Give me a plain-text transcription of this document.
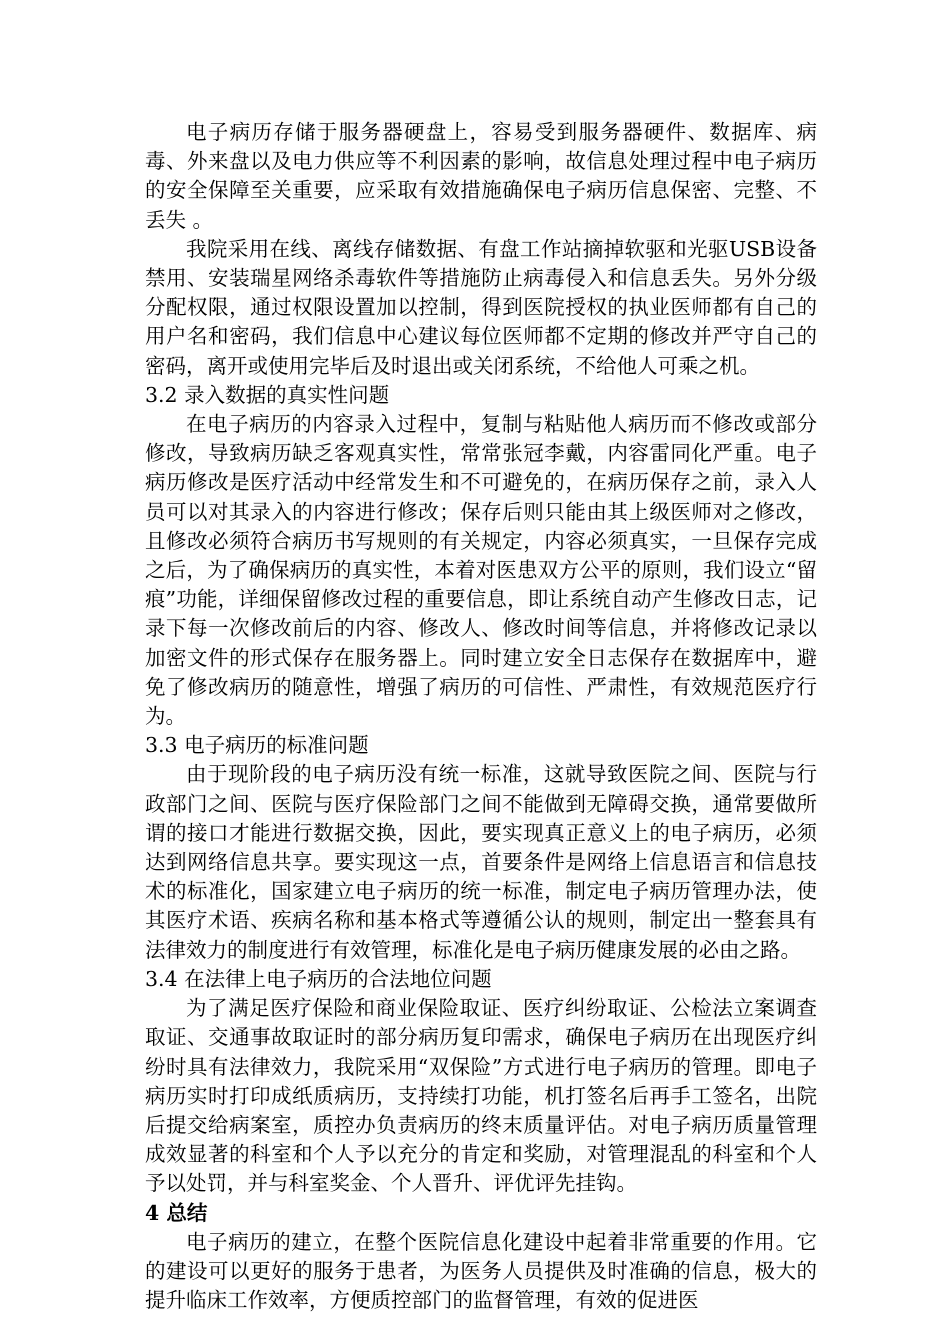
电子病历存储于服务器硬盘上，容易受到服务器硬件、数据库、病毒、外来盘以及电力供应等不利因素的影响，故信息处理过程中电子病历的安全保障至关重要，应采取有效措施确保电子病历信息保密、完整、不丢失 。

我院采用在线、离线存储数据、有盘工作站摘掉软驱和光驱USB设备禁用、安装瑞星网络杀毒软件等措施防止病毒侵入和信息丢失。另外分级分配权限，通过权限设置加以控制，得到医院授权的执业医师都有自己的用户名和密码，我们信息中心建议每位医师都不定期的修改并严守自己的密码，离开或使用完毕后及时退出或关闭系统，不给他人可乘之机。

3.2 录入数据的真实性问题

在电子病历的内容录入过程中，复制与粘贴他人病历而不修改或部分修改，导致病历缺乏客观真实性，常常张冠李戴，内容雷同化严重。电子病历修改是医疗活动中经常发生和不可避免的，在病历保存之前，录入人员可以对其录入的内容进行修改；保存后则只能由其上级医师对之修改，且修改必须符合病历书写规则的有关规定，内容必须真实，一旦保存完成之后，为了确保病历的真实性，本着对医患双方公平的原则，我们设立“留痕”功能，详细保留修改过程的重要信息，即让系统自动产生修改日志，记录下每一次修改前后的内容、修改人、修改时间等信息，并将修改记录以加密文件的形式保存在服务器上。同时建立安全日志保存在数据库中，避免了修改病历的随意性，增强了病历的可信性、严肃性，有效规范医疗行为。

3.3 电子病历的标准问题

由于现阶段的电子病历没有统一标准，这就导致医院之间、医院与行政部门之间、医院与医疗保险部门之间不能做到无障碍交换，通常要做所谓的接口才能进行数据交换，因此，要实现真正意义上的电子病历，必须达到网络信息共享。要实现这一点，首要条件是网络上信息语言和信息技术的标准化，国家建立电子病历的统一标准，制定电子病历管理办法，使其医疗术语、疾病名称和基本格式等遵循公认的规则，制定出一整套具有法律效力的制度进行有效管理，标准化是电子病历健康发展的必由之路。

3.4 在法律上电子病历的合法地位问题

为了满足医疗保险和商业保险取证、医疗纠纷取证、公检法立案调查取证、交通事故取证时的部分病历复印需求，确保电子病历在出现医疗纠纷时具有法律效力，我院采用“双保险”方式进行电子病历的管理。即电子病历实时打印成纸质病历，支持续打功能，机打签名后再手工签名，出院后提交给病案室，质控办负责病历的终末质量评估。对电子病历质量管理成效显著的科室和个人予以充分的肯定和奖励，对管理混乱的科室和个人予以处罚，并与科室奖金、个人晋升、评优评先挂钩。

4 总结

电子病历的建立，在整个医院信息化建设中起着非常重要的作用。它的建设可以更好的服务于患者，为医务人员提供及时准确的信息，极大的提升临床工作效率，方便质控部门的监督管理，有效的促进医
